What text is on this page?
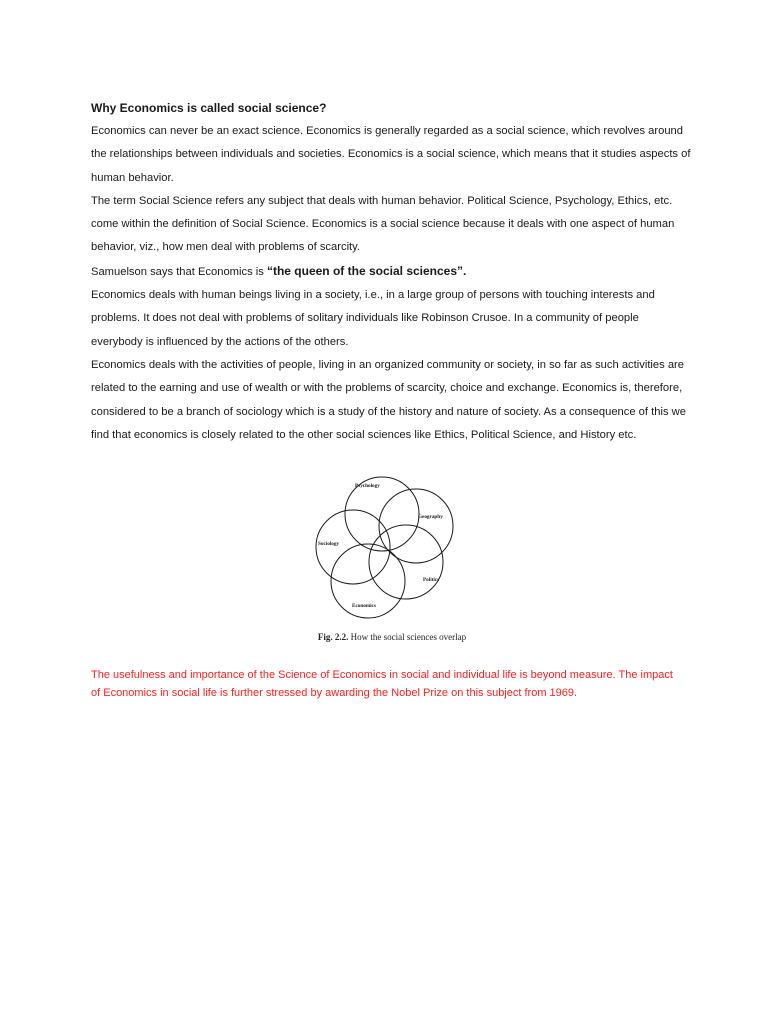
Why Economics is called social science?

Economics can never be an exact science. Economics is generally regarded as a social science, which revolves around the relationships between individuals and societies. Economics is a social science, which means that it studies aspects of human behavior.

The term Social Science refers any subject that deals with human behavior. Political Science, Psychology, Ethics, etc. come within the definition of Social Science. Economics is a social science because it deals with one aspect of human behavior, viz., how men deal with problems of scarcity.

Samuelson says that Economics is “the queen of the social sciences”.

Economics deals with human beings living in a society, i.e., in a large group of persons with touching interests and problems. It does not deal with problems of solitary individuals like Robinson Crusoe. In a community of people everybody is influenced by the actions of the others.

Economics deals with the activities of people, living in an organized community or society, in so far as such activities are related to the earning and use of wealth or with the problems of scarcity, choice and exchange. Economics is, therefore, considered to be a branch of sociology which is a study of the history and nature of society. As a consequence of this we find that economics is closely related to the other social sciences like Ethics, Political Science, and History etc.

Psychology
Geography
Sociology
Politics
Economics
Fig. 2.2. How the social sciences overlap

The usefulness and importance of the Science of Economics in social and individual life is beyond measure. The impact of Economics in social life is further stressed by awarding the Nobel Prize on this subject from 1969.
